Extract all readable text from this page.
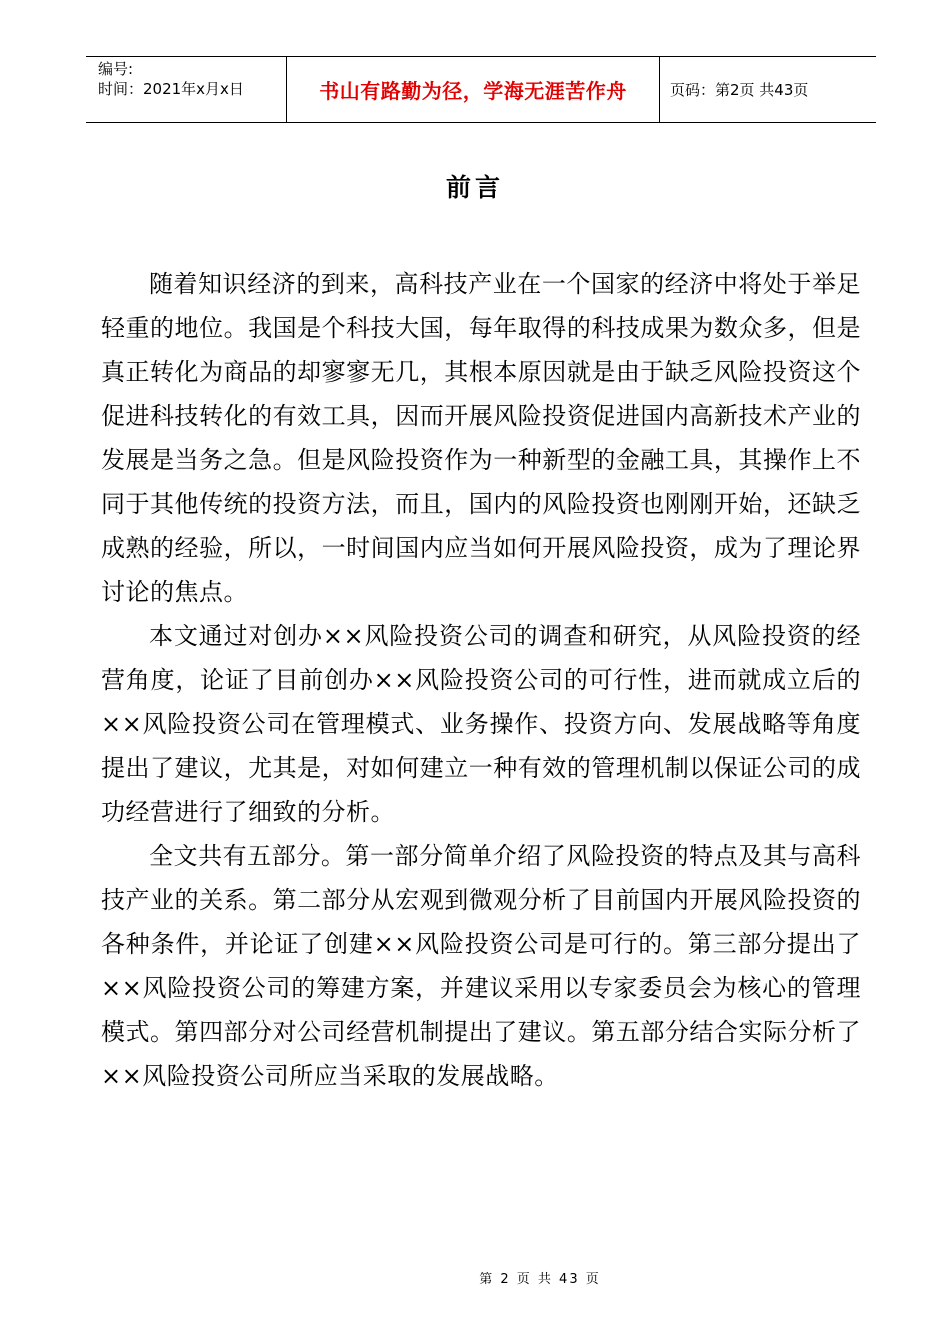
编号:
时间：2021年x月x日	书山有路勤为径，学海无涯苦作舟	页码：第2页 共43页
前言

随着知识经济的到来，高科技产业在一个国家的经济中将处于举足轻重的地位。我国是个科技大国，每年取得的科技成果为数众多，但是真正转化为商品的却寥寥无几，其根本原因就是由于缺乏风险投资这个促进科技转化的有效工具，因而开展风险投资促进国内高新技术产业的发展是当务之急。但是风险投资作为一种新型的金融工具，其操作上不同于其他传统的投资方法，而且，国内的风险投资也刚刚开始，还缺乏成熟的经验，所以，一时间国内应当如何开展风险投资，成为了理论界讨论的焦点。

本文通过对创办××风险投资公司的调查和研究，从风险投资的经营角度，论证了目前创办××风险投资公司的可行性，进而就成立后的××风险投资公司在管理模式、业务操作、投资方向、发展战略等角度提出了建议，尤其是，对如何建立一种有效的管理机制以保证公司的成功经营进行了细致的分析。

全文共有五部分。第一部分简单介绍了风险投资的特点及其与高科技产业的关系。第二部分从宏观到微观分析了目前国内开展风险投资的各种条件，并论证了创建××风险投资公司是可行的。第三部分提出了××风险投资公司的筹建方案，并建议采用以专家委员会为核心的管理模式。第四部分对公司经营机制提出了建议。第五部分结合实际分析了××风险投资公司所应当采取的发展战略。

第 2 页 共 43 页
